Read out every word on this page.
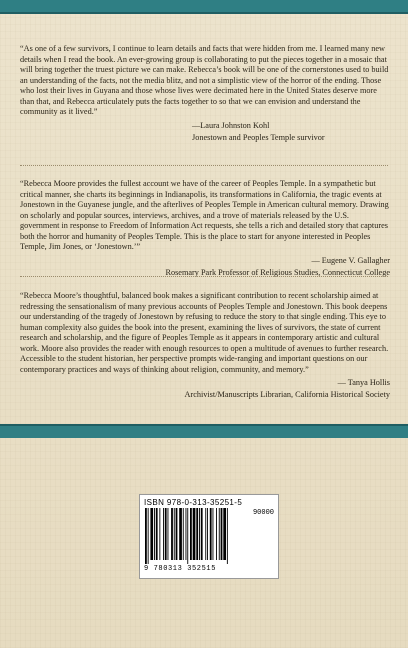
“As one of a few survivors, I continue to learn details and facts that were hidden from me. I learned many new details when I read the book. An ever-growing group is collaborating to put the pieces together in a mosaic that will bring together the truest picture we can make. Rebecca’s book will be one of the cornerstones used to build an understanding of the facts, not the media blitz, and not a simplistic view of the horror of the ending. Those who lost their lives in Guyana and those whose lives were decimated here in the United States deserve more than that, and Rebecca articulately puts the facts together to so that we can envision and understand the community as it lived.”
—Laura Johnston Kohl
Jonestown and Peoples Temple survivor
“Rebecca Moore provides the fullest account we have of the career of Peoples Temple. In a sympathetic but critical manner, she charts its beginnings in Indianapolis, its transformations in California, the tragic events at Jonestown in the Guyanese jungle, and the afterlives of Peoples Temple in American cultural memory. Drawing on scholarly and popular sources, interviews, archives, and a trove of materials released by the U.S. government in response to Freedom of Information Act requests, she tells a rich and detailed story that captures both the horror and humanity of Peoples Temple. This is the place to start for anyone interested in Peoples Temple, Jim Jones, or ‘Jonestown.’”
— Eugene V. Gallagher
Rosemary Park Professor of Religious Studies, Connecticut College
“Rebecca Moore’s thoughtful, balanced book makes a significant contribution to recent scholarship aimed at redressing the sensationalism of many previous accounts of Peoples Temple and Jonestown. This book deepens our understanding of the tragedy of Jonestown by refusing to reduce the story to that single ending. This eye to human complexity also guides the book into the present, examining the lives of survivors, the state of current research and scholarship, and the figure of Peoples Temple as it appears in contemporary artistic and cultural work. Moore also provides the reader with enough resources to open a multitude of avenues to further research. Accessible to the student historian, her perspective prompts wide-ranging and important questions on our contemporary practices and ways of thinking about religion, community, and memory.”
— Tanya Hollis
Archivist/Manuscripts Librarian, California Historical Society
ISBN 978-0-313-35251-5
90000
9 780313 352515
